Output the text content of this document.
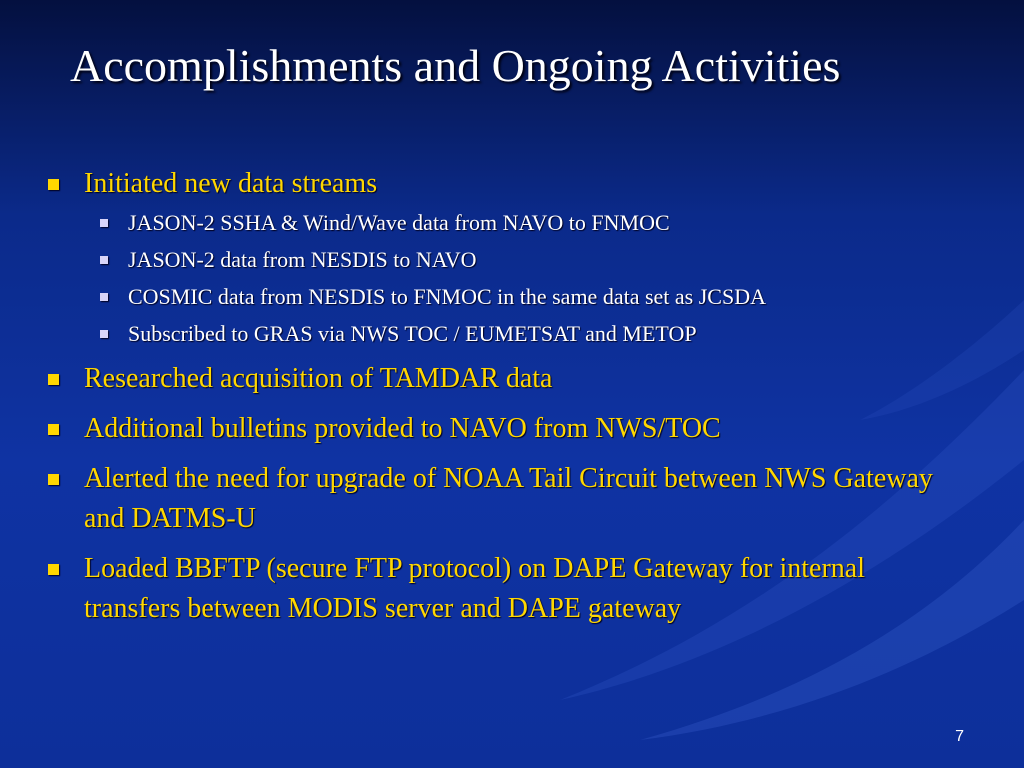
Accomplishments and Ongoing Activities
Initiated new data streams
JASON-2 SSHA & Wind/Wave data from NAVO to FNMOC
JASON-2 data from NESDIS to NAVO
COSMIC data from NESDIS to FNMOC in the same data set as JCSDA
Subscribed to GRAS via NWS TOC / EUMETSAT and METOP
Researched acquisition of TAMDAR data
Additional bulletins provided to NAVO from NWS/TOC
Alerted the need for upgrade of NOAA Tail Circuit between NWS Gateway and DATMS-U
Loaded BBFTP (secure FTP protocol) on DAPE Gateway for internal transfers between MODIS server and DAPE gateway
7
